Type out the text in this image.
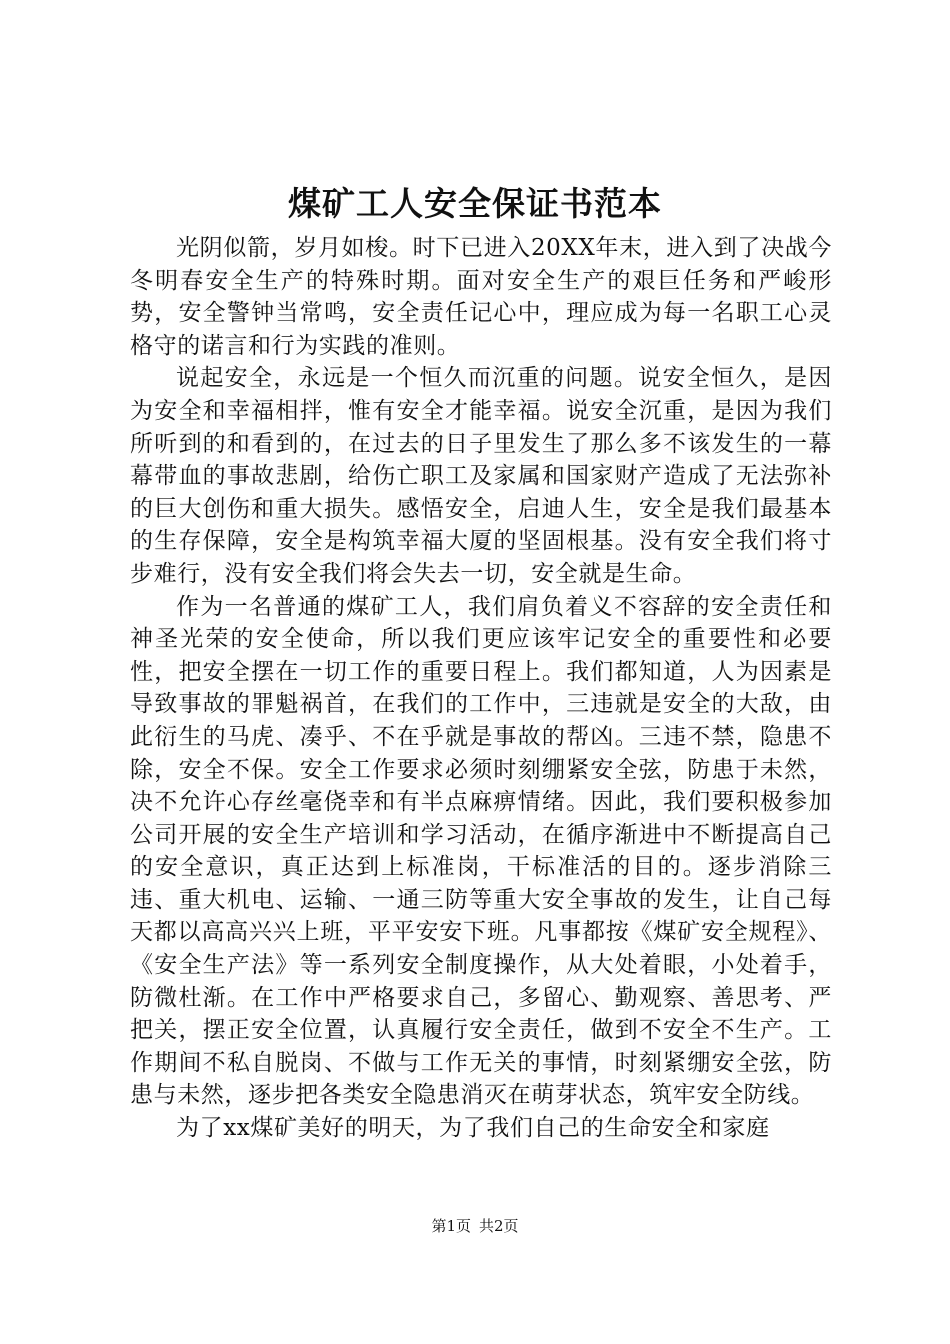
煤矿工人安全保证书范本

光阴似箭，岁月如梭。时下已进入20XX年末，进入到了决战今冬明春安全生产的特殊时期。面对安全生产的艰巨任务和严峻形势，安全警钟当常鸣，安全责任记心中，理应成为每一名职工心灵格守的诺言和行为实践的准则。

说起安全，永远是一个恒久而沉重的问题。说安全恒久，是因为安全和幸福相拌，惟有安全才能幸福。说安全沉重，是因为我们所听到的和看到的，在过去的日子里发生了那么多不该发生的一幕幕带血的事故悲剧，给伤亡职工及家属和国家财产造成了无法弥补的巨大创伤和重大损失。感悟安全，启迪人生，安全是我们最基本的生存保障，安全是构筑幸福大厦的坚固根基。没有安全我们将寸步难行，没有安全我们将会失去一切，安全就是生命。

作为一名普通的煤矿工人，我们肩负着义不容辞的安全责任和神圣光荣的安全使命，所以我们更应该牢记安全的重要性和必要性，把安全摆在一切工作的重要日程上。我们都知道，人为因素是导致事故的罪魁祸首，在我们的工作中，三违就是安全的大敌，由此衍生的马虎、凑乎、不在乎就是事故的帮凶。三违不禁，隐患不除，安全不保。安全工作要求必须时刻绷紧安全弦，防患于未然，决不允许心存丝毫侥幸和有半点麻痹情绪。因此，我们要积极参加公司开展的安全生产培训和学习活动，在循序渐进中不断提高自己的安全意识，真正达到上标准岗，干标准活的目的。逐步消除三违、重大机电、运输、一通三防等重大安全事故的发生，让自己每天都以高高兴兴上班，平平安安下班。凡事都按《煤矿安全规程》、《安全生产法》等一系列安全制度操作，从大处着眼，小处着手，防微杜渐。在工作中严格要求自己，多留心、勤观察、善思考、严把关，摆正安全位置，认真履行安全责任，做到不安全不生产。工作期间不私自脱岗、不做与工作无关的事情，时刻紧绷安全弦，防患与未然，逐步把各类安全隐患消灭在萌芽状态，筑牢安全防线。

为了xx煤矿美好的明天，为了我们自己的生命安全和家庭

第1页 共2页
